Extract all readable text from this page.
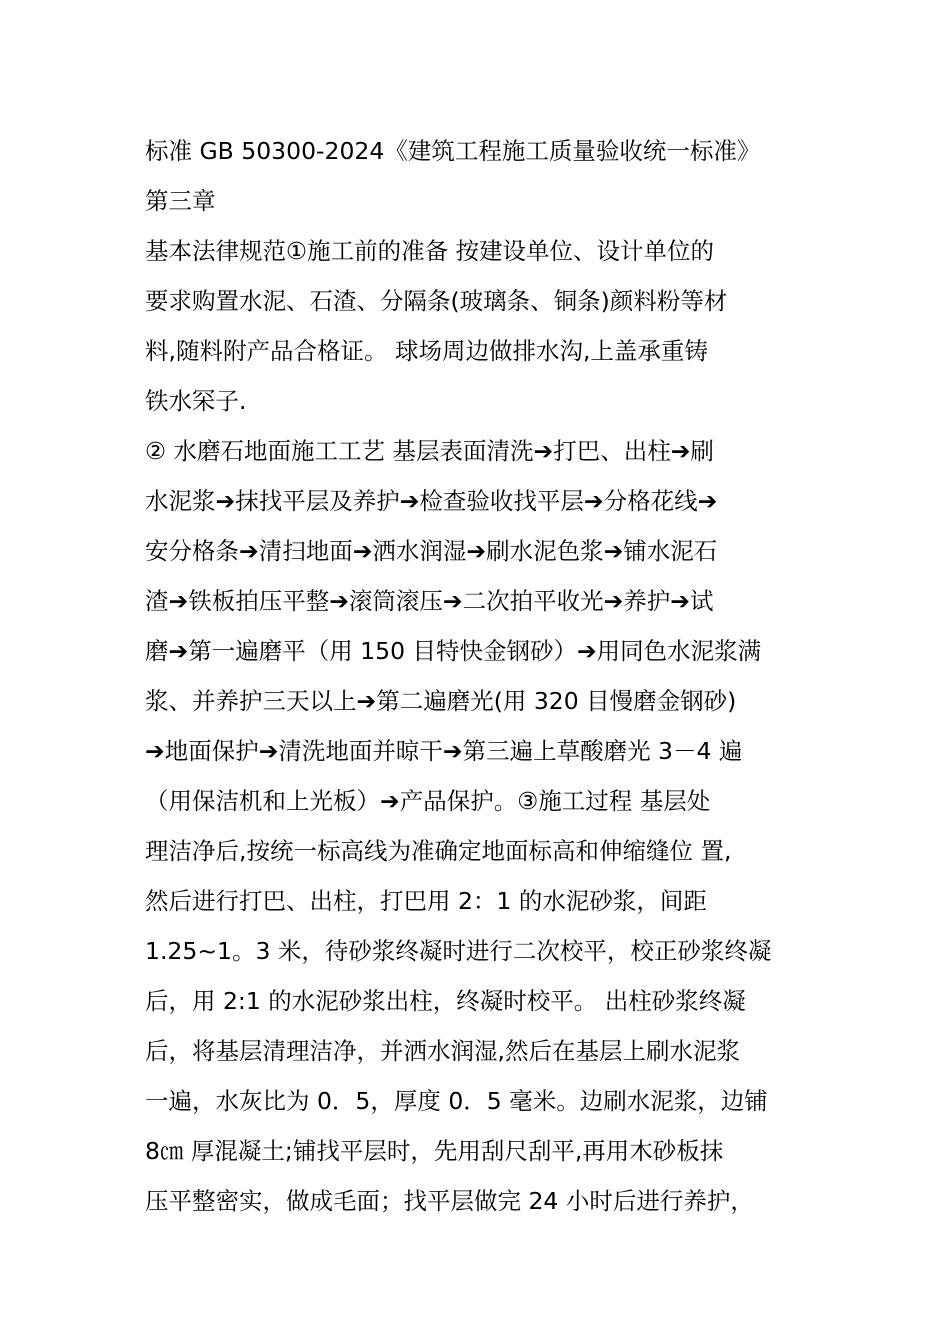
标准 GB 50300-2024《建筑工程施工质量验收统一标准》
第三章
基本法律规范①施工前的准备 按建设单位、设计单位的
要求购置水泥、石渣、分隔条(玻璃条、铜条)颜料粉等材
料,随料附产品合格证。 球场周边做排水沟,上盖承重铸
铁水罙子.
② 水磨石地面施工工艺 基层表面清洗➔打巴、出柱➔刷
水泥浆➔抹找平层及养护➔检查验收找平层➔分格花线➔
安分格条➔清扫地面➔洒水润湿➔刷水泥色浆➔铺水泥石
渣➔铁板拍压平整➔滚筒滚压➔二次拍平收光➔养护➔试
磨➔第一遍磨平（用 150 目特快金钢砂）➔用同色水泥浆满
浆、并养护三天以上➔第二遍磨光(用 320 目慢磨金钢砂)
➔地面保护➔清洗地面并晾干➔第三遍上草酸磨光 3－4 遍
（用保洁机和上光板）➔产品保护。③施工过程 基层处
理洁净后,按统一标高线为准确定地面标高和伸缩缝位 置,
然后进行打巴、出柱，打巴用 2：1 的水泥砂浆，间距
1.25~1。3 米，待砂浆终凝时进行二次校平，校正砂浆终凝
后，用 2:1 的水泥砂浆出柱，终凝时校平。 出柱砂浆终凝
后，将基层清理洁净，并洒水润湿,然后在基层上刷水泥浆
一遍，水灰比为 0．5，厚度 0．5 毫米。边刷水泥浆，边铺
8㎝ 厚混凝土;铺找平层时，先用刮尺刮平,再用木砂板抹
压平整密实，做成毛面；找平层做完 24 小时后进行养护，
